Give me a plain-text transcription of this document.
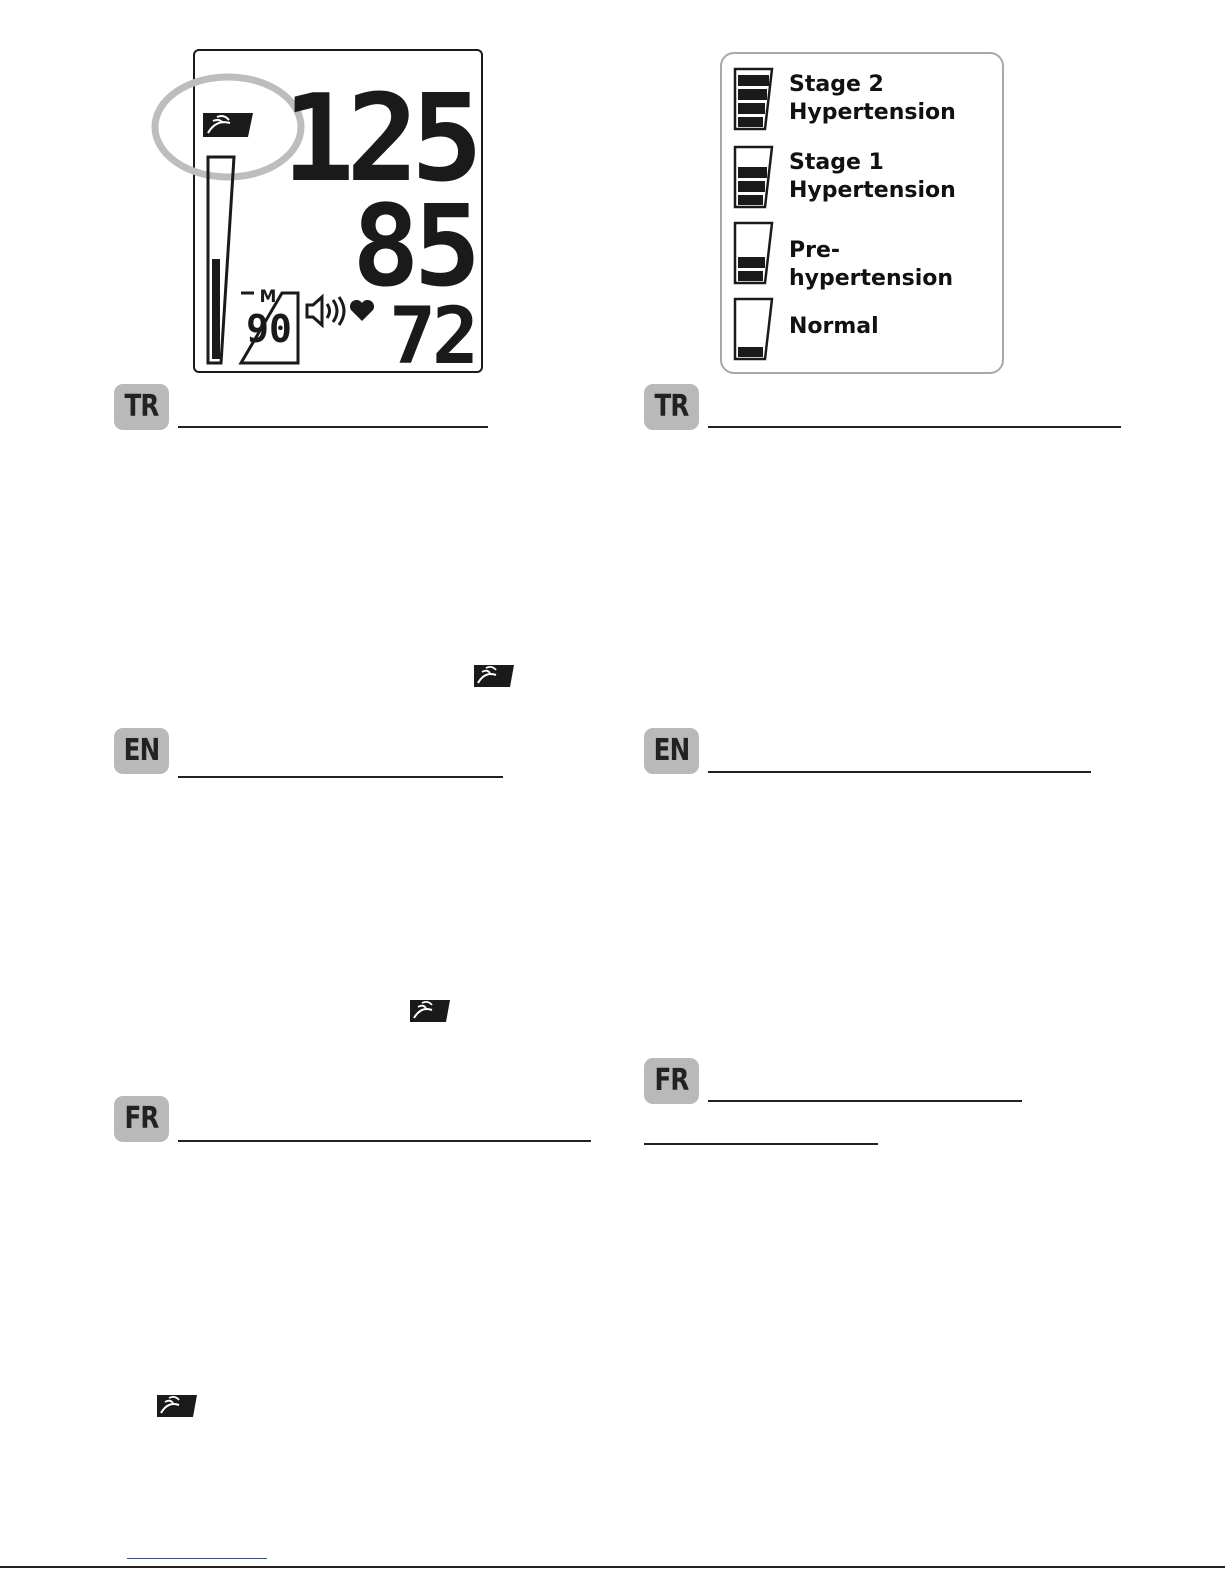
M
90
125
85
72
Stage 2
Hypertension
Stage 1
Hypertension
Pre-hypertension
Normal
TR	TR
EN	EN
FR
FR
